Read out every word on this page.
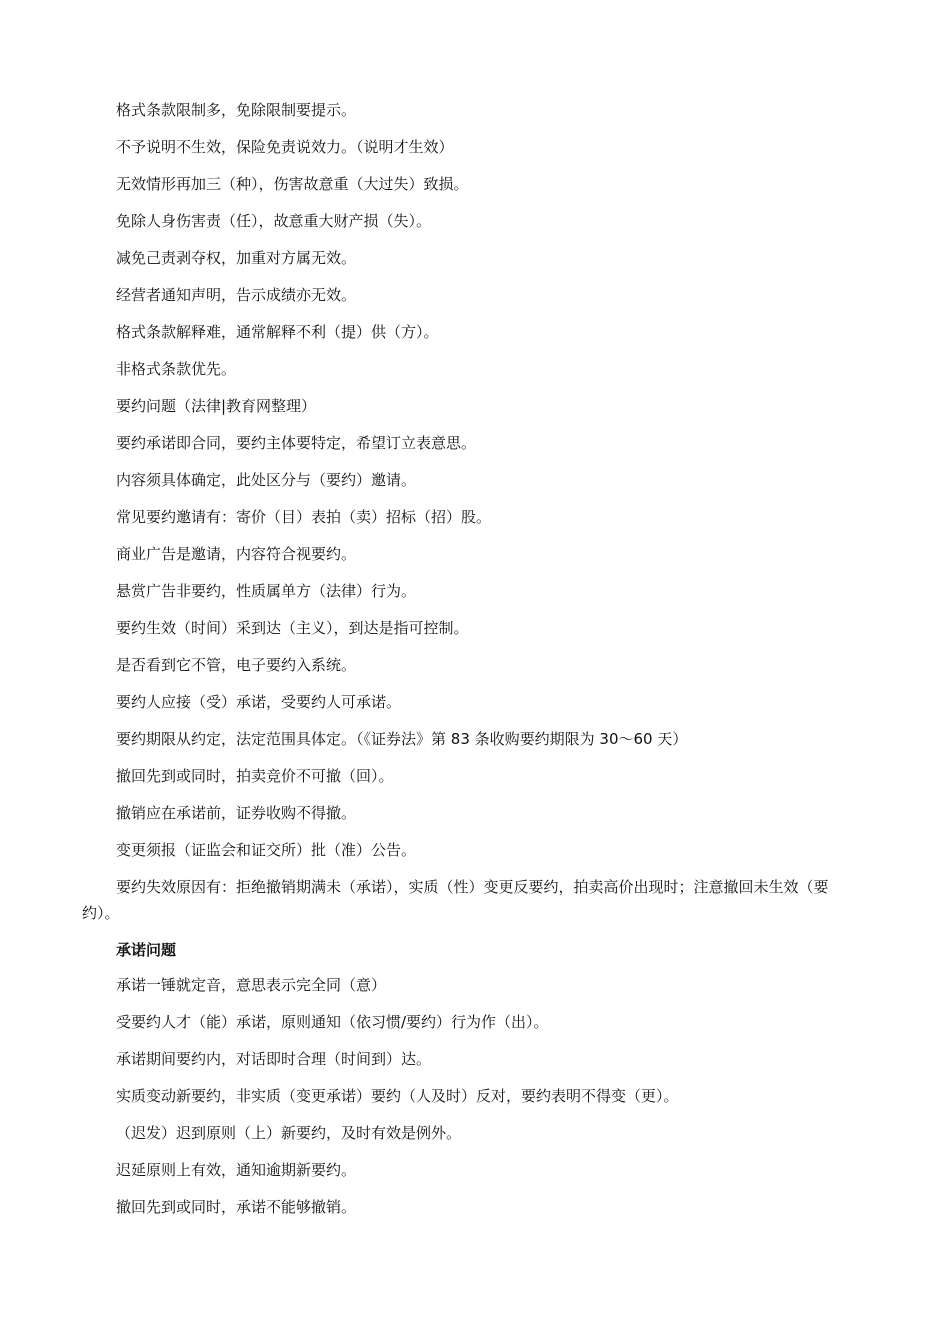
格式条款限制多，免除限制要提示。

不予说明不生效，保险免责说效力。（说明才生效）

无效情形再加三（种），伤害故意重（大过失）致损。

免除人身伤害责（任），故意重大财产损（失）。

减免己责剥夺权，加重对方属无效。

经营者通知声明，告示成绩亦无效。

格式条款解释难，通常解释不利（提）供（方）。

非格式条款优先。

要约问题（法律|教育网整理）

要约承诺即合同，要约主体要特定，希望订立表意思。

内容须具体确定，此处区分与（要约）邀请。

常见要约邀请有：寄价（目）表拍（卖）招标（招）股。

商业广告是邀请，内容符合视要约。

悬赏广告非要约，性质属单方（法律）行为。

要约生效（时间）采到达（主义），到达是指可控制。

是否看到它不管，电子要约入系统。

要约人应接（受）承诺，受要约人可承诺。

要约期限从约定，法定范围具体定。（《证券法》第 83 条收购要约期限为 30～60 天）

撤回先到或同时，拍卖竞价不可撤（回）。

撤销应在承诺前，证券收购不得撤。

变更须报（证监会和证交所）批（准）公告。

要约失效原因有：拒绝撤销期满未（承诺），实质（性）变更反要约，拍卖高价出现时；注意撤回未生效（要约）。

承诺问题

承诺一锤就定音，意思表示完全同（意）

受要约人才（能）承诺，原则通知（依习惯/要约）行为作（出）。

承诺期间要约内，对话即时合理（时间到）达。

实质变动新要约，非实质（变更承诺）要约（人及时）反对，要约表明不得变（更）。

（迟发）迟到原则（上）新要约，及时有效是例外。

迟延原则上有效，通知逾期新要约。

撤回先到或同时，承诺不能够撤销。
